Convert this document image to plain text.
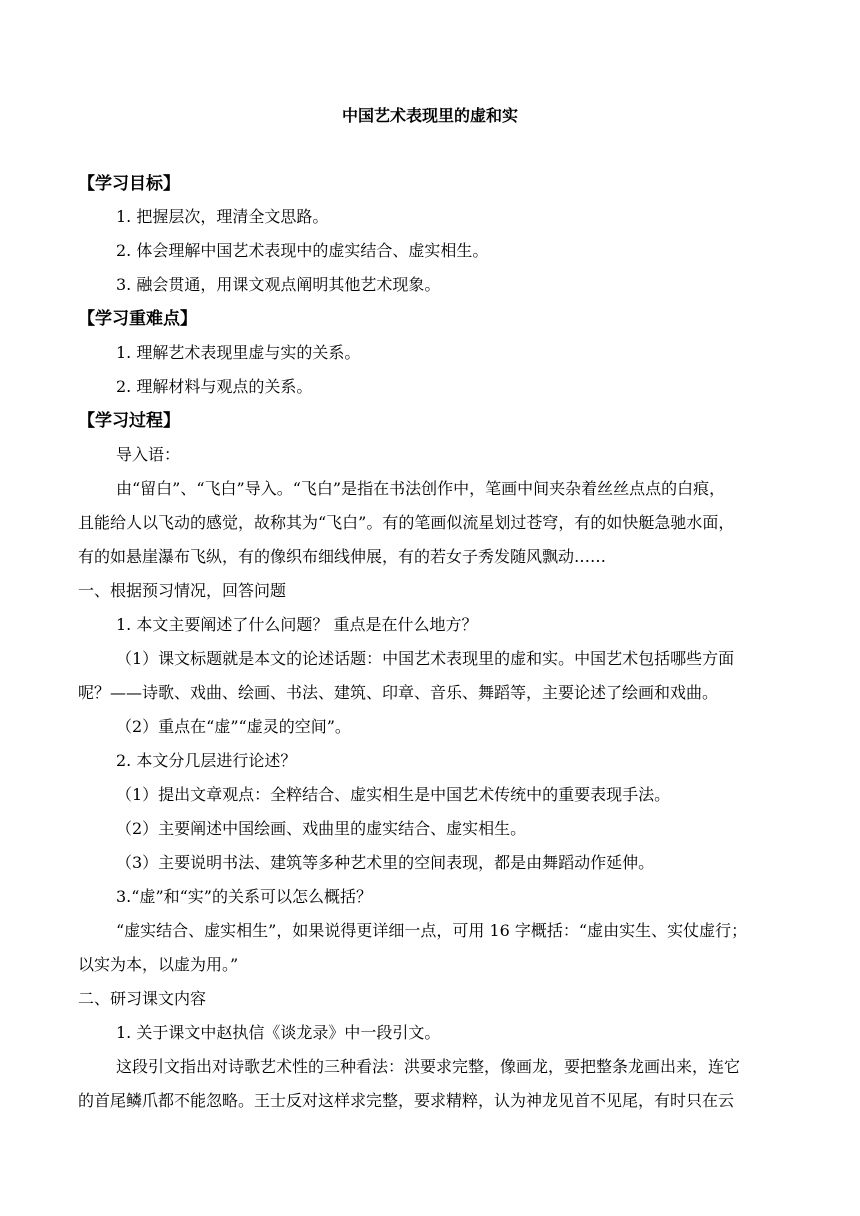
中国艺术表现里的虚和实
【学习目标】
1. 把握层次，理清全文思路。
2. 体会理解中国艺术表现中的虚实结合、虚实相生。
3. 融会贯通，用课文观点阐明其他艺术现象。
【学习重难点】
1. 理解艺术表现里虚与实的关系。
2. 理解材料与观点的关系。
【学习过程】
导入语：
由“留白”、“飞白”导入。“飞白”是指在书法创作中，笔画中间夹杂着丝丝点点的白痕，
且能给人以飞动的感觉，故称其为“飞白”。有的笔画似流星划过苍穹，有的如快艇急驰水面，
有的如悬崖瀑布飞纵，有的像织布细线伸展，有的若女子秀发随风飘动……
一、根据预习情况，回答问题
1. 本文主要阐述了什么问题？ 重点是在什么地方？
（1）课文标题就是本文的论述话题：中国艺术表现里的虚和实。中国艺术包括哪些方面
呢？——诗歌、戏曲、绘画、书法、建筑、印章、音乐、舞蹈等，主要论述了绘画和戏曲。
（2）重点在“虚”“虚灵的空间”。
2. 本文分几层进行论述？
（1）提出文章观点：全粹结合、虚实相生是中国艺术传统中的重要表现手法。
（2）主要阐述中国绘画、戏曲里的虚实结合、虚实相生。
（3）主要说明书法、建筑等多种艺术里的空间表现，都是由舞蹈动作延伸。
3.“虚”和“实”的关系可以怎么概括？
“虚实结合、虚实相生”，如果说得更详细一点，可用 16 字概括：“虚由实生、实仗虚行；
以实为本，以虚为用。”
二、研习课文内容
1. 关于课文中赵执信《谈龙录》中一段引文。
这段引文指出对诗歌艺术性的三种看法：洪要求完整，像画龙，要把整条龙画出来，连它
的首尾鳞爪都不能忽略。王士反对这样求完整，要求精粹，认为神龙见首不见尾，有时只在云
